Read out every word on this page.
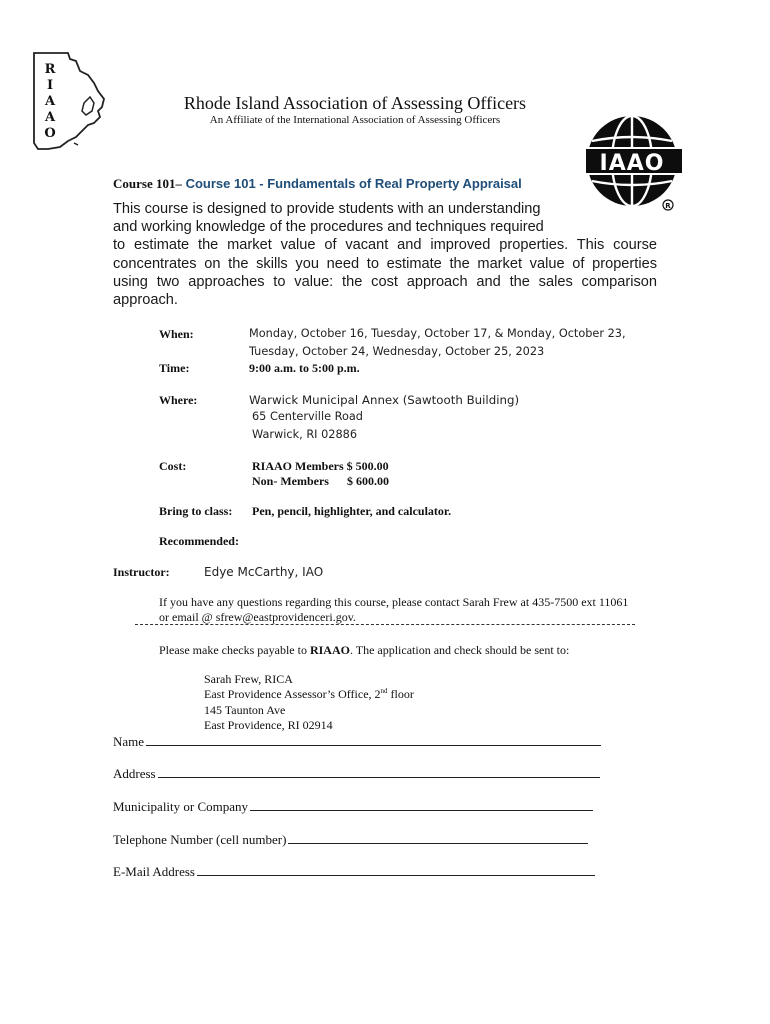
R
I
A
A
O
Rhode Island Association of Assessing Officers
An Affiliate of the International Association of Assessing Officers
IAAO
R
Course 101– Course 101 - Fundamentals of Real Property Appraisal
This course is designed to provide students with an understanding
and working knowledge of the procedures and techniques required
to estimate the market value of vacant and improved properties. This course
concentrates on the skills you need to estimate the market value of properties
using two approaches to value: the cost approach and the sales comparison
approach.
When:	Monday, October 16, Tuesday, October 17, & Monday, October 23,
Tuesday, October 24, Wednesday, October 25, 2023
Time:	9:00 a.m. to 5:00 p.m.
Where:	Warwick Municipal Annex (Sawtooth Building)
65 Centerville Road
Warwick, RI 02886
Cost:	RIAAO Members $ 500.00
Non- Members      $ 600.00
Bring to class: Pen, pencil, highlighter, and calculator.
Recommended:
Instructor:	Edye McCarthy, IAO
If you have any questions regarding this course, please contact Sarah Frew at 435-7500 ext 11061
or email @ sfrew@eastprovidenceri.gov.
Please make checks payable to RIAAO. The application and check should be sent to:
Sarah Frew, RICA
East Providence Assessor’s Office, 2nd floor
145 Taunton Ave
East Providence, RI 02914
Name
Address
Municipality or Company
Telephone Number (cell number)
E-Mail Address
